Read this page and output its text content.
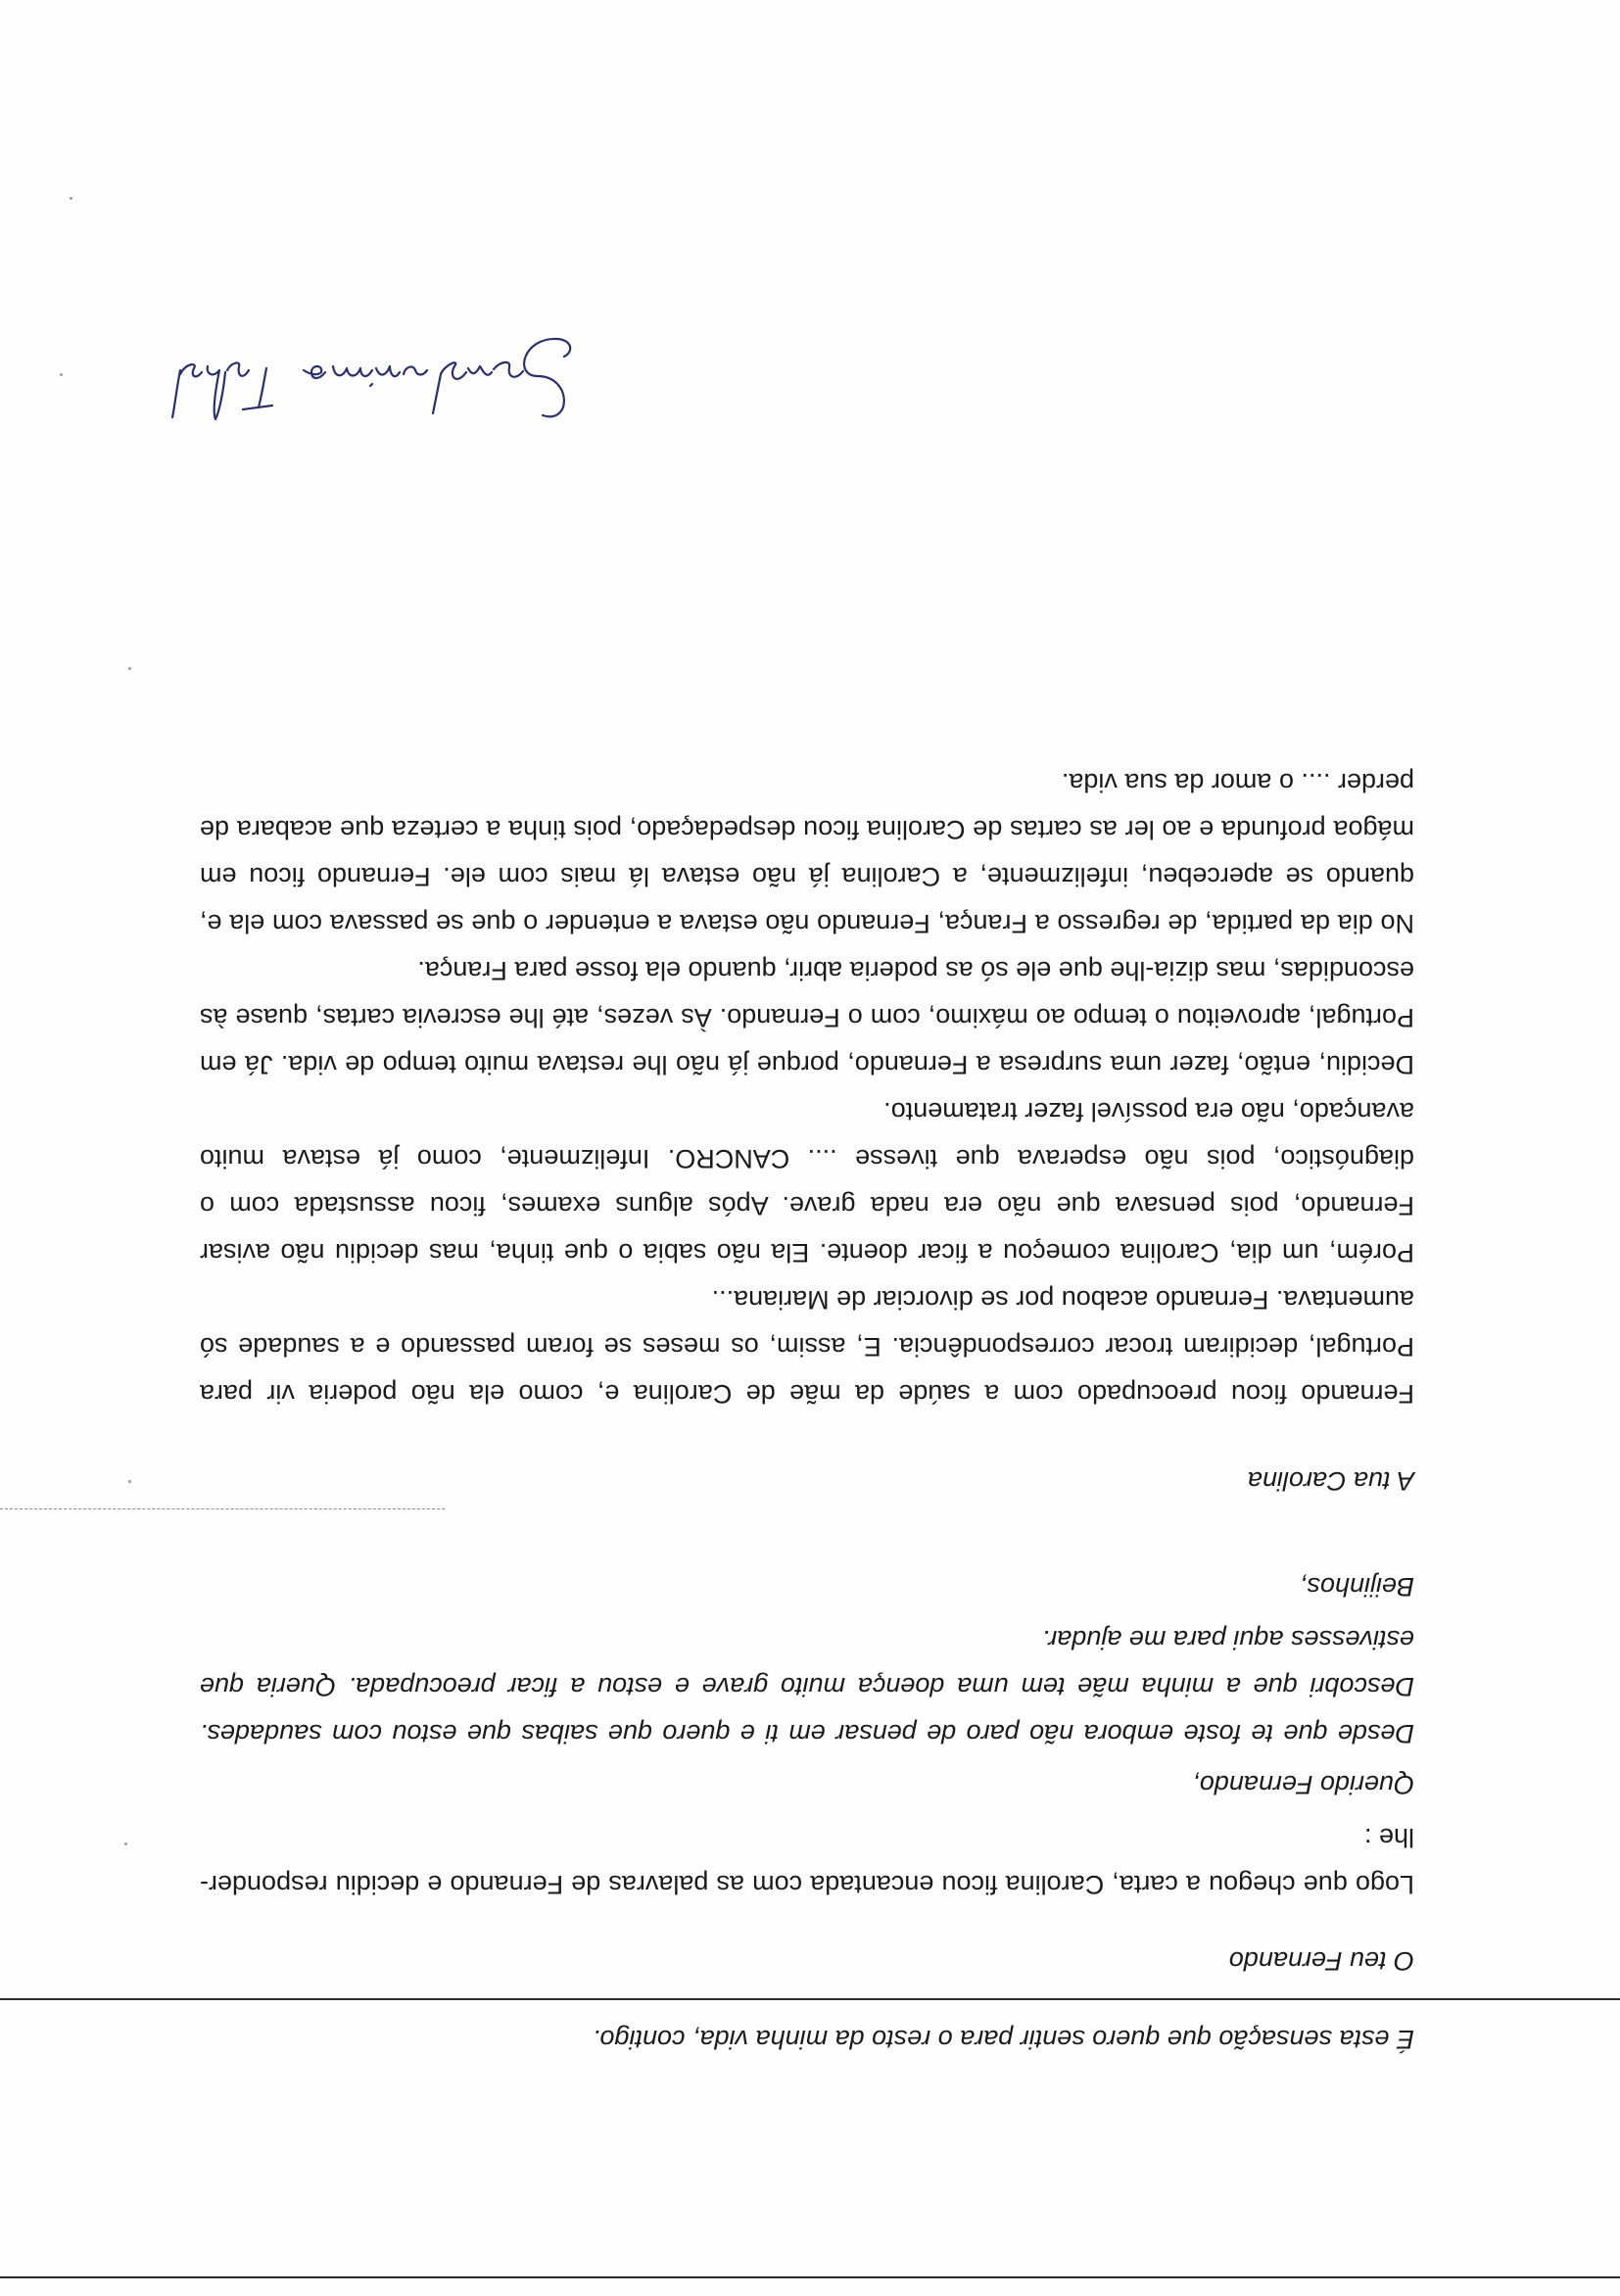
É esta sensação que quero sentir para o resto da minha vida, contigo.
O teu Fernando
Logo que chegou a carta, Carolina ficou encantada com as palavras de Fernando e decidiu responder-lhe :
Querido Fernando,
Desde que te foste embora não paro de pensar em ti e quero que saibas que estou com saudades. Descobri que a minha mãe tem uma doença muito grave e estou a ficar preocupada. Queria que estivesses aqui para me ajudar.
Beijinhos,
A tua Carolina
Fernando ficou preocupado com a saúde da mãe de Carolina e, como ela não poderia vir para Portugal, decidiram trocar correspondência. E, assim, os meses se foram passando e a saudade só aumentava. Fernando acabou por se divorciar de Mariana...
Porém, um dia, Carolina começou a ficar doente. Ela não sabia o que tinha, mas decidiu não avisar Fernando, pois pensava que não era nada grave. Após alguns exames, ficou assustada com o diagnóstico, pois não esperava que tivesse .... CANCRO. Infelizmente, como já estava muito avançado, não era possível fazer tratamento.
Decidiu, então, fazer uma surpresa a Fernando, porque já não lhe restava muito tempo de vida. Já em Portugal, aproveitou o tempo ao máximo, com o Fernando. Às vezes, até lhe escrevia cartas, quase às escondidas, mas dizia-lhe que ele só as poderia abrir, quando ela fosse para França.
No dia da partida, de regresso a França, Fernando não estava a entender o que se passava com ela e, quando se apercebeu, infelizmente, a Carolina já não estava lá mais com ele. Fernando ficou em mágoa profunda e ao ler as cartas de Carolina ficou despedaçado, pois tinha a certeza que acabara de perder .... o amor da sua vida.
